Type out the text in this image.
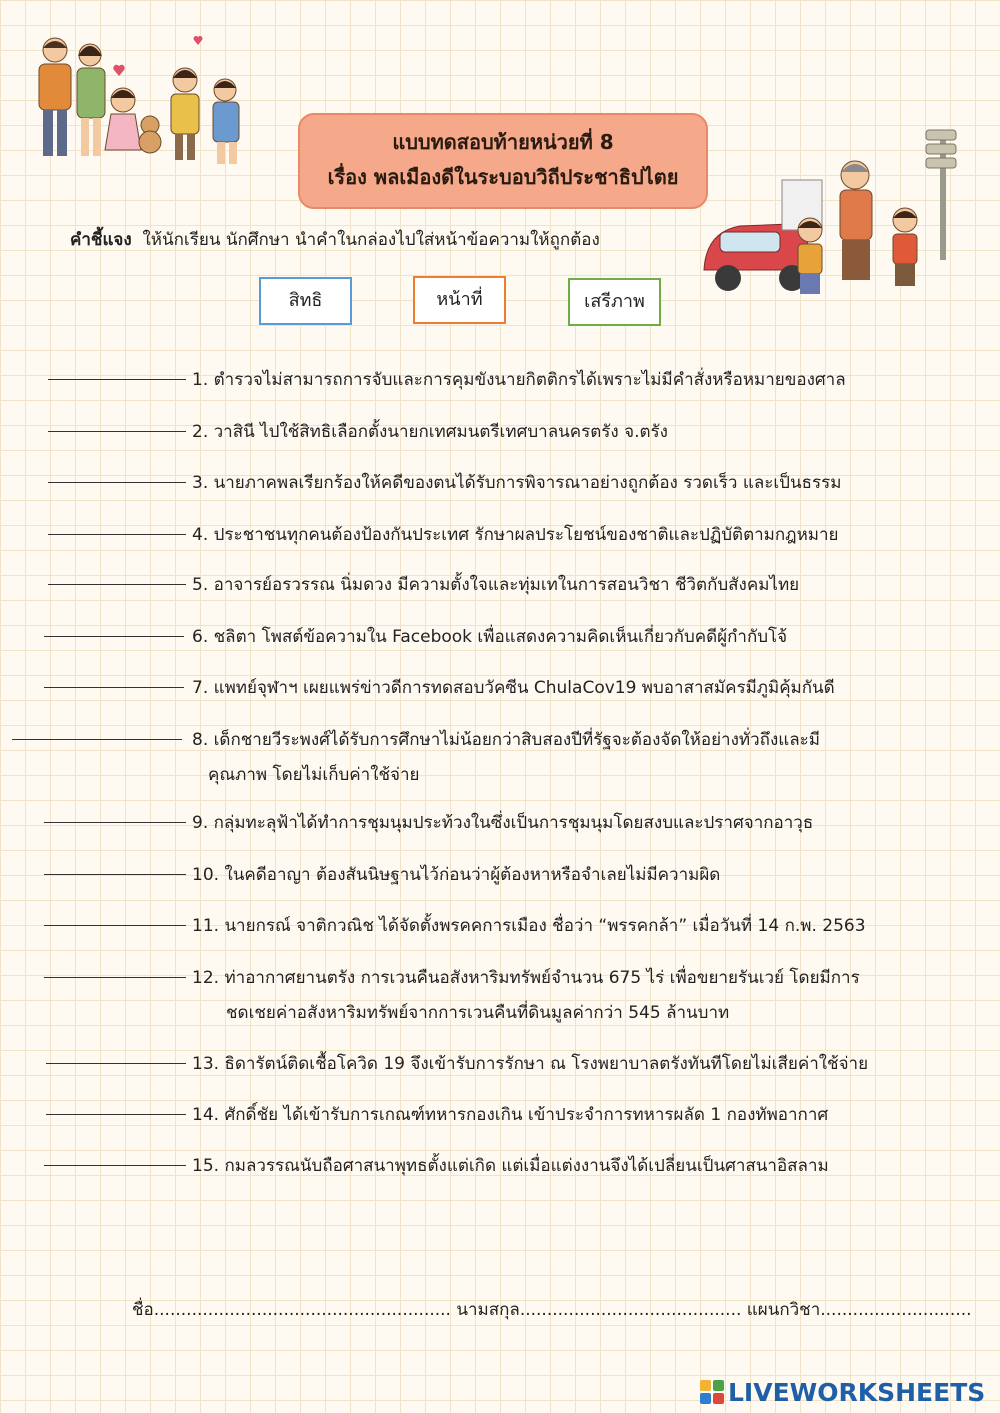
แบบทดสอบท้ายหน่วยที่ 8
เรื่อง พลเมืองดีในระบอบวิถีประชาธิปไตย
คำชี้แจง ให้นักเรียน นักศึกษา นำคำในกล่องไปใส่หน้าข้อความให้ถูกต้อง
สิทธิ	หน้าที่	เสรีภาพ
1. ตำรวจไม่สามารถการจับและการคุมขังนายกิตติกรได้เพราะไม่มีคำสั่งหรือหมายของศาล
2. วาสินี ไปใช้สิทธิเลือกตั้งนายกเทศมนตรีเทศบาลนครตรัง จ.ตรัง
3. นายภาคพลเรียกร้องให้คดีของตนได้รับการพิจารณาอย่างถูกต้อง รวดเร็ว และเป็นธรรม
4. ประชาชนทุกคนต้องป้องกันประเทศ รักษาผลประโยชน์ของชาติและปฏิบัติตามกฎหมาย
5. อาจารย์อรวรรณ นิ่มดวง มีความตั้งใจและทุ่มเทในการสอนวิชา ชีวิตกับสังคมไทย
6. ชลิตา โพสต์ข้อความใน Facebook เพื่อแสดงความคิดเห็นเกี่ยวกับคดีผู้กำกับโจ้
7. แพทย์จุฬาฯ เผยแพร่ข่าวดีการทดสอบวัคซีน ChulaCov19 พบอาสาสมัครมีภูมิคุ้มกันดี
8. เด็กชายวีระพงศ์ได้รับการศึกษาไม่น้อยกว่าสิบสองปีที่รัฐจะต้องจัดให้อย่างทั่วถึงและมี
คุณภาพ โดยไม่เก็บค่าใช้จ่าย
9. กลุ่มทะลุฟ้าได้ทำการชุมนุมประท้วงในซึ่งเป็นการชุมนุมโดยสงบและปราศจากอาวุธ
10. ในคดีอาญา ต้องสันนิษฐานไว้ก่อนว่าผู้ต้องหาหรือจำเลยไม่มีความผิด
11. นายกรณ์ จาติกวณิช ได้จัดตั้งพรคคการเมือง ชื่อว่า “พรรคกล้า” เมื่อวันที่ 14 ก.พ. 2563
12. ท่าอากาศยานตรัง การเวนคืนอสังหาริมทรัพย์จำนวน 675 ไร่ เพื่อขยายรันเวย์ โดยมีการ
ชดเชยค่าอสังหาริมทรัพย์จากการเวนคืนที่ดินมูลค่ากว่า 545 ล้านบาท
13. ธิดารัตน์ติดเชื้อโควิด 19 จึงเข้ารับการรักษา ณ โรงพยาบาลตรังทันทีโดยไม่เสียค่าใช้จ่าย
14. ศักดิ์ชัย ได้เข้ารับการเกณฑ์ทหารกองเกิน เข้าประจำการทหารผลัด 1 กองทัพอากาศ
15. กมลวรรณนับถือศาสนาพุทธตั้งแต่เกิด แต่เมื่อแต่งงานจึงได้เปลี่ยนเป็นศาสนาอิสลาม
ชื่อ....................................................... นามสกุล......................................... แผนกวิชา............................
LIVEWORKSHEETS
